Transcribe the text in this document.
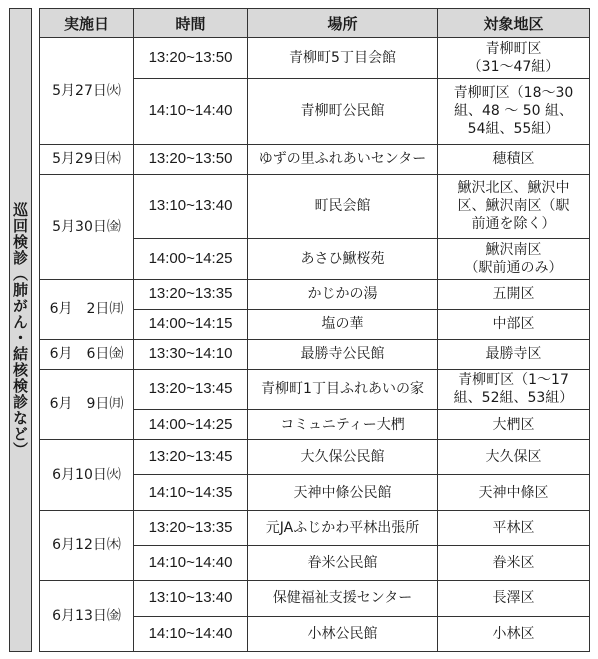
巡回検診（肺がん・結核検診など）
実施日	時間	場所	対象地区
5月27日㈫	13:20~13:50	青柳町5丁目会館	青柳町区
（31〜47組）
	14:10~14:40	青柳町公民館	青柳町区（18〜30
組、48 〜 50 組、
54組、55組）
5月29日㈭	13:20~13:50	ゆずの里ふれあいセンター	穂積区
5月30日㈮	13:10~13:40	町民会館	鰍沢北区、鰍沢中
区、鰍沢南区（駅
前通を除く）
	14:00~14:25	あさひ鰍桜苑	鰍沢南区
（駅前通のみ）
6月　2日㈪	13:20~13:35	かじかの湯	五開区
	14:00~14:15	塩の華	中部区
6月　6日㈮	13:30~14:10	最勝寺公民館	最勝寺区
6月　9日㈪	13:20~13:45	青柳町1丁目ふれあいの家	青柳町区（1〜17
組、52組、53組）
	14:00~14:25	コミュニティー大椚	大椚区
6月10日㈫	13:20~13:45	大久保公民館	大久保区
	14:10~14:35	天神中條公民館	天神中條区
6月12日㈭	13:20~13:35	元JAふじかわ平林出張所	平林区
	14:10~14:40	眷米公民館	眷米区
6月13日㈮	13:10~13:40	保健福祉支援センター	長澤区
	14:10~14:40	小林公民館	小林区
